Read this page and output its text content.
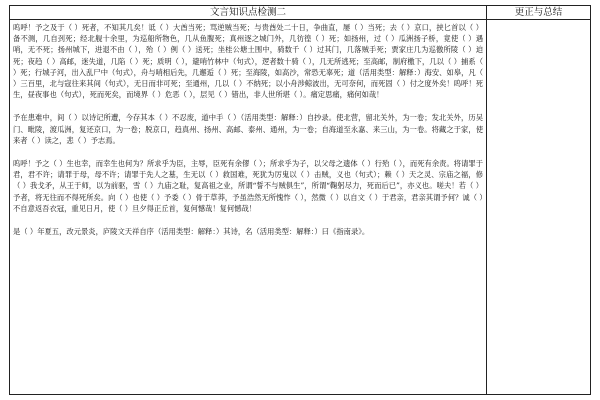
文言知识点检测二	更正与总结
呜呼！予之及于（ ）死者，不知其几矣！诋（ ）大酋当死；骂逆贼当死；与贵酋处二十日，争曲直，屡（ ）当死；去（ ）京口，挟匕首以（ ）备不测，几自刭死；经北舰十余里，为巡船所物色，几从鱼腹死；真州逐之城门外，几彷徨（ ）死；如扬州，过（ ）瓜洲扬子桥，竟使（ ）遇哨，无不死；扬州城下，进退不由（ ），殆（ ）例（ ）送死；坐桂公塘土围中，骑数千（ ）过其门，几落贼手死；贾家庄几为巡徼所陵（ ）迫死；夜趋（ ）高邮，迷失道，几陷（ ）死；质明（ ），避哨竹林中（句式），逻者数十骑（ ），几无所逃死；至高邮，制府檄下，几以（ ）捕系（ ）死；行城子河，出入乱尸中（句式），舟与哨相后先，几邂逅（ ）死；至海陵，如高沙，常恐无辜死；道（活用类型：解释：）海安、如皋，凡（ ）三百里，北与寇往来其间（句式），无日而非可死；至通州，几以（ ）不纳死；以小舟涉鲸波出，无可奈何，而死固（ ）付之度外矣！呜呼！死生，昼夜事也（句式），死而死矣，而境界（ ）危恶（ ），层见（ ）错出，非人世所堪（ ）。痛定思痛，痛何如哉！
予在患难中，间（ ）以诗记所遭，今存其本（ ）不忍废，道中手（ ）（活用类型：解释：）自抄录。使北营，留北关外，为一卷；发北关外，历吴门、毗陵，渡瓜洲，复还京口，为一卷；脱京口，趋真州、扬州、高邮、泰州、通州，为一卷；自海道至永嘉、来三山，为一卷。将藏之于家，使来者（ ）读之，悲（ ）予志焉。
呜呼！予之（ ）生也幸，而幸生也何为？所求乎为臣，主辱，臣死有余僇（ ）；所求乎为子，以父母之遗体（ ）行殆（ ），而死有余责。将请罪于君，君不许；请罪于母，母不许；请罪于先人之墓，生无以（ ）救国难，死犹为厉鬼以（ ）击贼，义也（句式）；赖（ ）天之灵、宗庙之福，修（ ）我戈矛，从王于师，以为前驱，雪（ ）九庙之耻，复高祖之业，所谓“誓不与贼俱生”，所谓“鞠躬尽力，死而后已”，亦义也。嗟夫！若（ ）予者，将无往而不得死所矣。向（ ）也使（ ）予委（ ）骨于草莽，予虽浩然无所愧怍（ ），然微（ ）以自文（ ）于君亲，君亲其谓予何？诚（ ）不自意返吾衣冠，重见日月，使（ ）旦夕得正丘首，复何憾哉！复何憾哉！
是（ ）年夏五，改元景炎，庐陵文天祥自序（活用类型：解释：）其诗，名（活用类型：解释：）曰《指南录》。
